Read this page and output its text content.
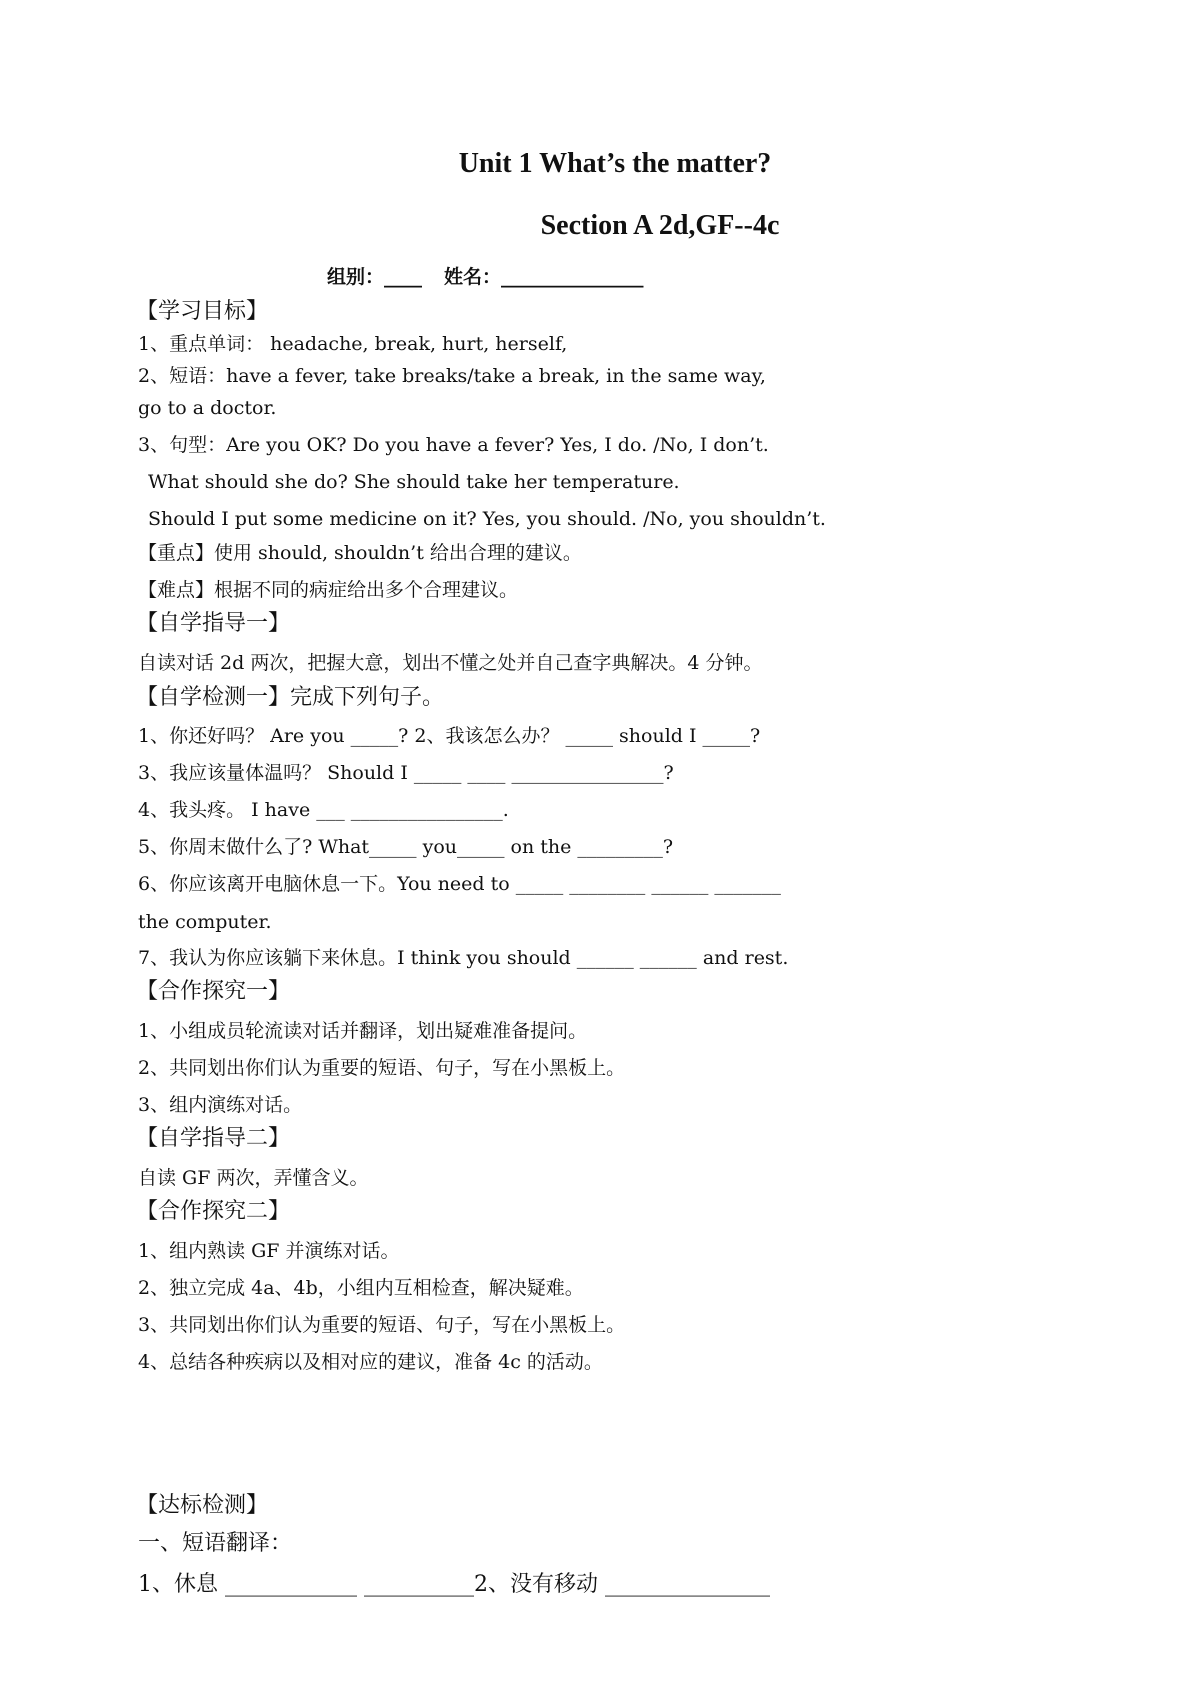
Unit 1 What’s the matter?
Section A 2d,GF--4c
组别：____ 姓名：_______________
【学习目标】
1、重点单词： headache, break, hurt, herself,
2、短语：have a fever, take breaks/take a break, in the same way,
go to a doctor.
3、句型：Are you OK? Do you have a fever? Yes, I do. /No, I don’t.
What should she do? She should take her temperature.
Should I put some medicine on it? Yes, you should. /No, you shouldn’t.
【重点】使用 should, shouldn’t 给出合理的建议。
【难点】根据不同的病症给出多个合理建议。
【自学指导一】
自读对话 2d 两次，把握大意，划出不懂之处并自己查字典解决。4 分钟。
【自学检测一】完成下列句子。
1、你还好吗？ Are you _____? 2、我该怎么办？ _____ should I _____?
3、我应该量体温吗？ Should I _____ ____ ________________?
4、我头疼。 I have ___ ________________.
5、你周末做什么了? What_____ you_____ on the _________?
6、你应该离开电脑休息一下。You need to _____ ________ ______ _______
the computer.
7、我认为你应该躺下来休息。I think you should ______ ______ and rest.
【合作探究一】
1、小组成员轮流读对话并翻译，划出疑难准备提问。
2、共同划出你们认为重要的短语、句子，写在小黑板上。
3、组内演练对话。
【自学指导二】
自读 GF 两次，弄懂含义。
【合作探究二】
1、组内熟读 GF 并演练对话。
2、独立完成 4a、4b，小组内互相检查，解决疑难。
3、共同划出你们认为重要的短语、句子，写在小黑板上。
4、总结各种疾病以及相对应的建议，准备 4c 的活动。
【达标检测】
一、短语翻译：
1、休息 ____________ __________2、没有移动 _______________
